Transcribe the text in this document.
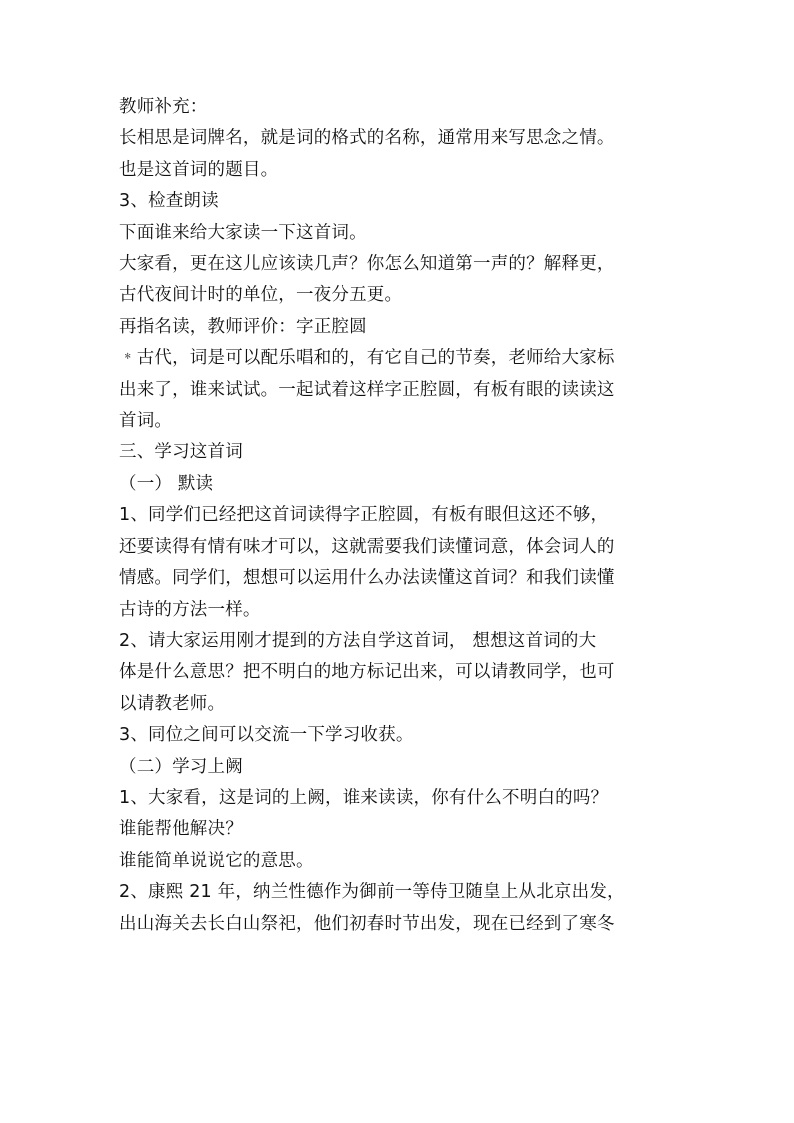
教师补充：

长相思是词牌名，就是词的格式的名称，通常用来写思念之情。

也是这首词的题目。

3、检查朗读

下面谁来给大家读一下这首词。

大家看，更在这儿应该读几声？你怎么知道第一声的？解释更，

古代夜间计时的单位，一夜分五更。

再指名读，教师评价：字正腔圆

﹡古代，词是可以配乐唱和的，有它自己的节奏，老师给大家标

出来了，谁来试试。一起试着这样字正腔圆，有板有眼的读读这

首词。

三、学习这首词

（一） 默读

1、同学们已经把这首词读得字正腔圆，有板有眼但这还不够，

还要读得有情有味才可以，这就需要我们读懂词意，体会词人的

情感。同学们，想想可以运用什么办法读懂这首词？和我们读懂

古诗的方法一样。

2、请大家运用刚才提到的方法自学这首词， 想想这首词的大

体是什么意思？把不明白的地方标记出来，可以请教同学，也可

以请教老师。

3、同位之间可以交流一下学习收获。

（二）学习上阙

1、大家看，这是词的上阙，谁来读读，你有什么不明白的吗？

谁能帮他解决？

谁能简单说说它的意思。

2、康熙 21 年，纳兰性德作为御前一等侍卫随皇上从北京出发，

出山海关去长白山祭祀，他们初春时节出发，现在已经到了寒冬
